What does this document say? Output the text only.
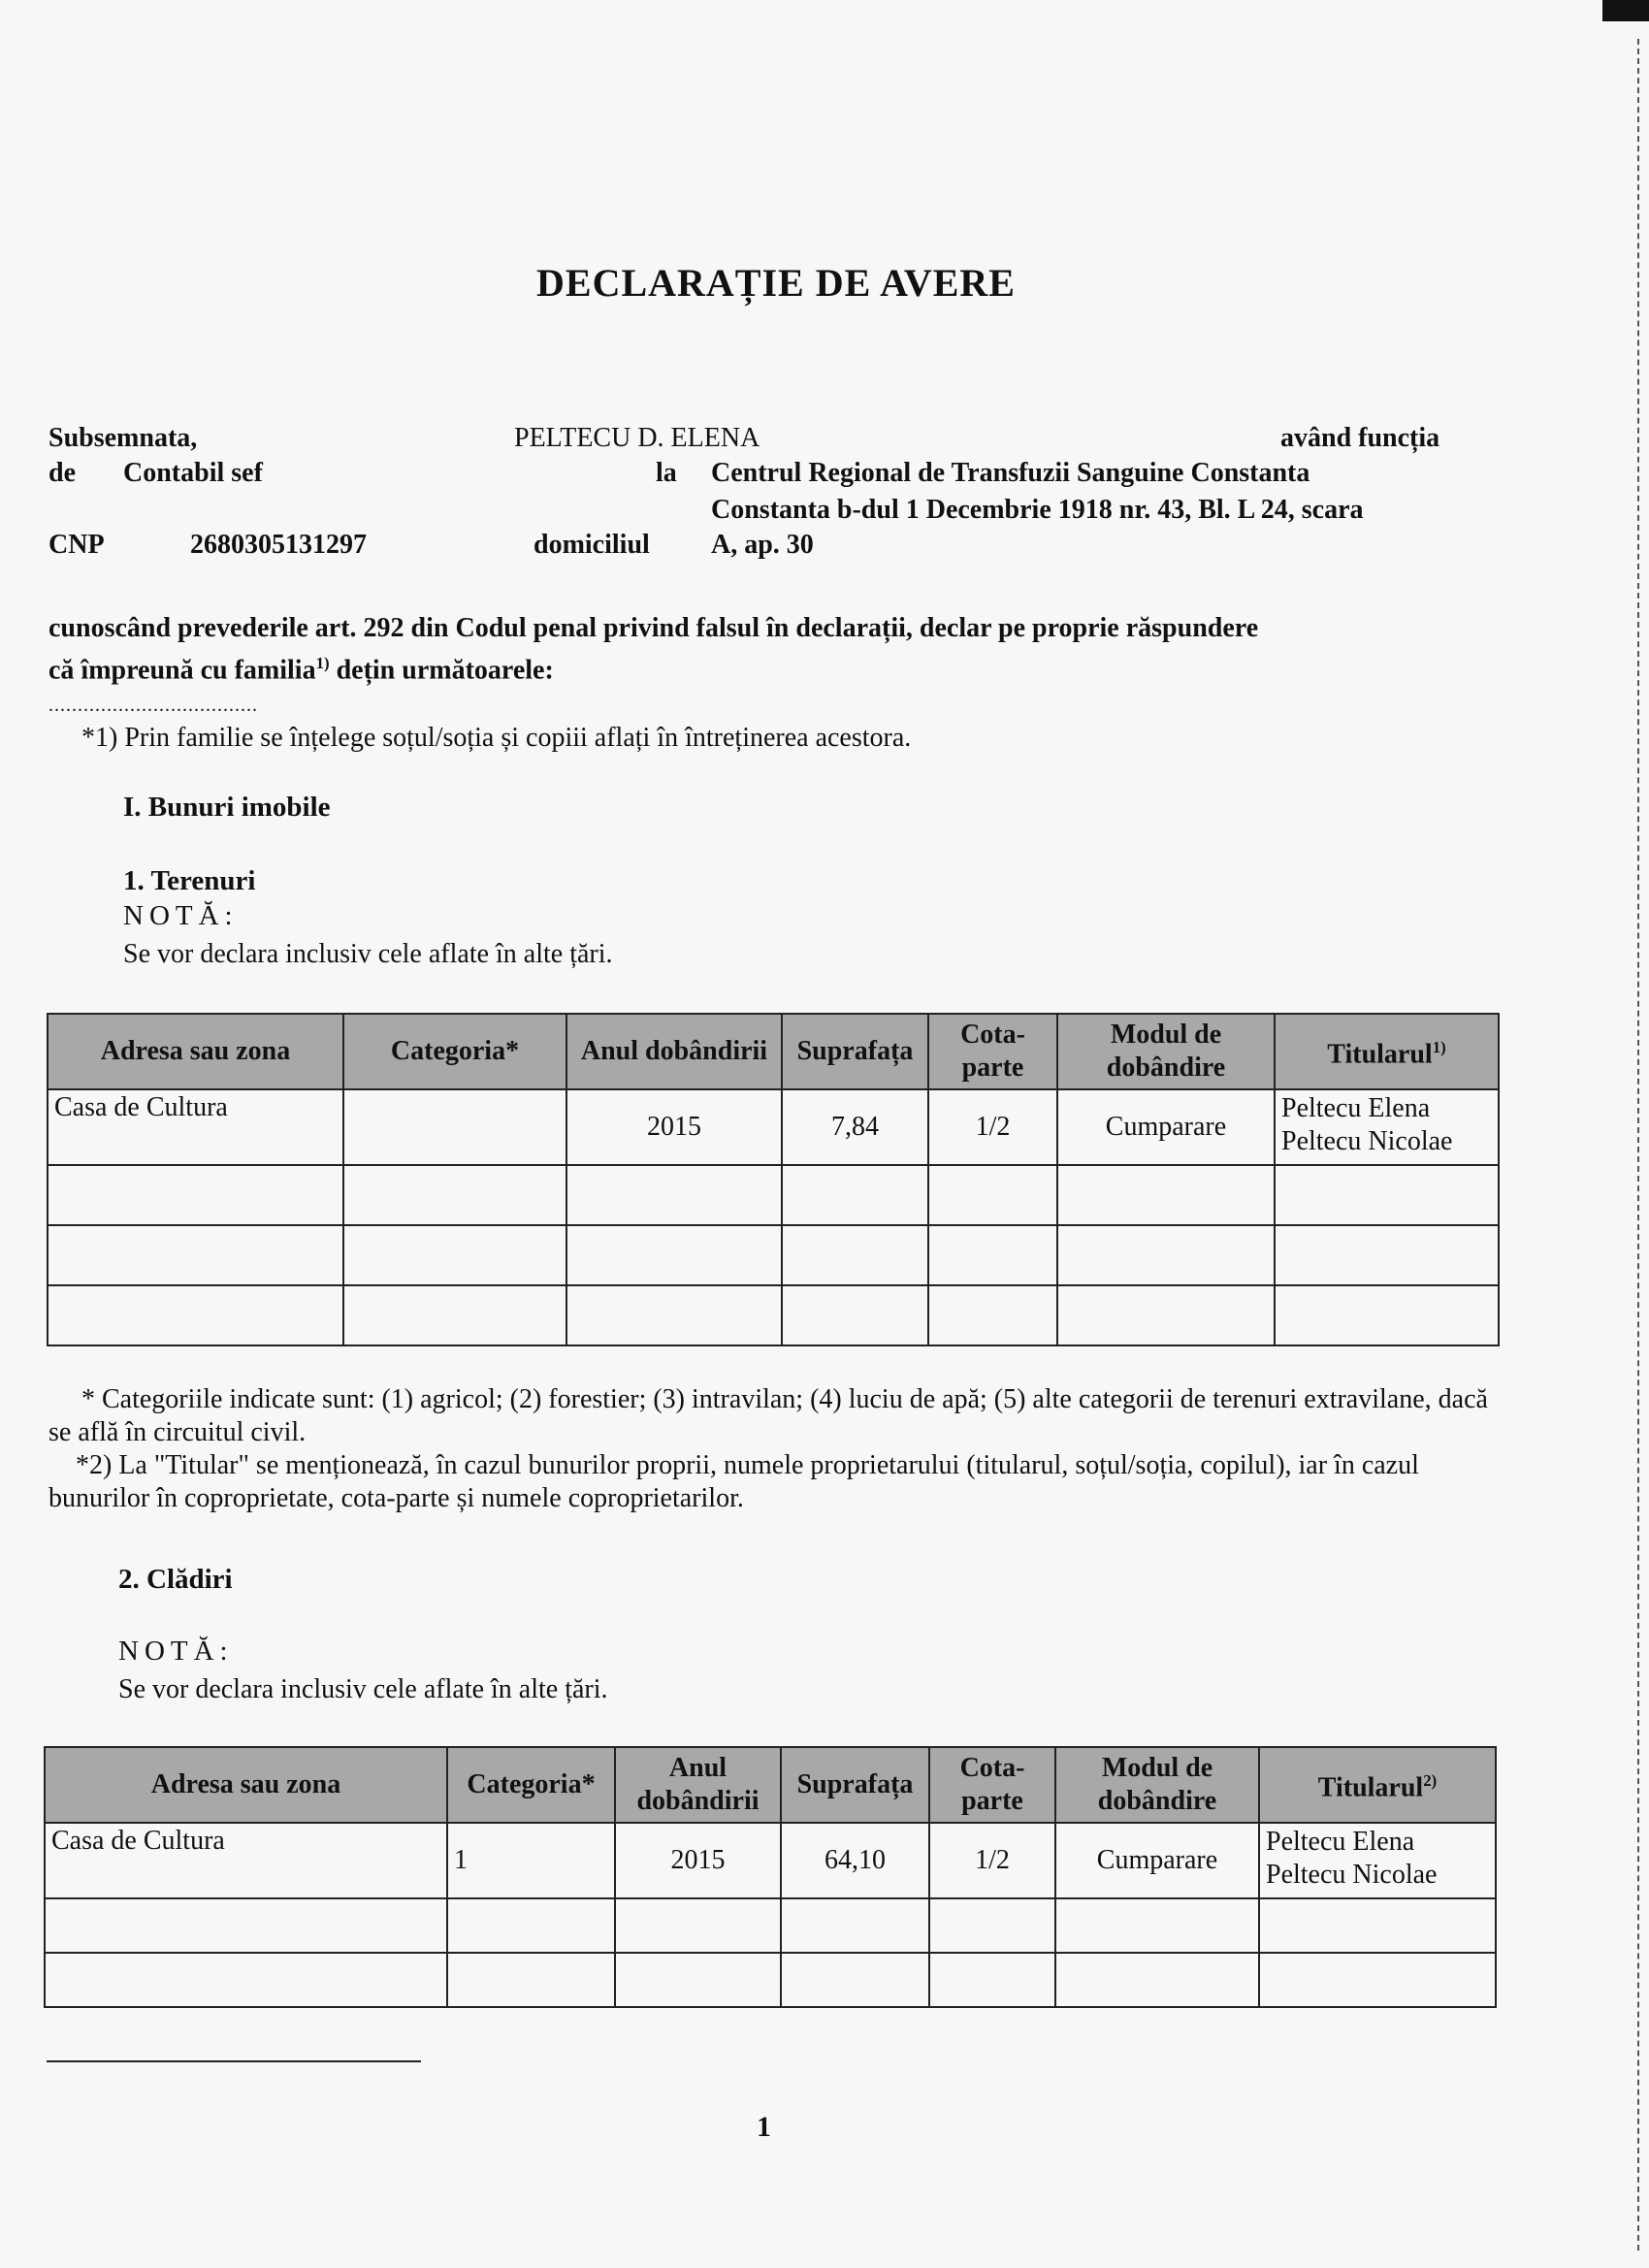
DECLARAȚIE DE AVERE
Subsemnata,	PELTECU D. ELENA	având funcția
de Contabil sef	la Centrul Regional de Transfuzii Sanguine Constanta
Constanta b-dul 1 Decembrie 1918 nr. 43, Bl. L 24, scara
CNP	2680305131297	domiciliul A, ap. 30
cunoscând prevederile art. 292 din Codul penal privind falsul în declarații, declar pe proprie răspundere
că împreună cu familia$^{1)}$ dețin următoarele:
....................................
*1) Prin familie se înțelege soțul/soția și copiii aflați în întreținerea acestora.
I. Bunuri imobile
1. Terenuri
NOTĂ:
Se vor declara inclusiv cele aflate în alte țări.
Adresa sau zona	Categoria*	Anul dobândirii	Suprafața	Cota-parte	Modul de dobândire	Titularul$^{1)}$
Casa de Cultura		2015	7,84	1/2	Cumparare	Peltecu Elena
Peltecu Nicolae

* Categoriile indicate sunt: (1) agricol; (2) forestier; (3) intravilan; (4) luciu de apă; (5) alte categorii de terenuri extravilane, dacă se află în circuitul civil.
*2) La "Titular" se menționează, în cazul bunurilor proprii, numele proprietarului (titularul, soțul/soția, copilul), iar în cazul bunurilor în coproprietate, cota-parte și numele coproprietarilor.
2. Clădiri
NOTĂ:
Se vor declara inclusiv cele aflate în alte țări.
Adresa sau zona	Categoria*	Anul dobândirii	Suprafața	Cota-parte	Modul de dobândire	Titularul$^{2)}$
Casa de Cultura	1	2015	64,10	1/2	Cumparare	Peltecu Elena
Peltecu Nicolae

1
